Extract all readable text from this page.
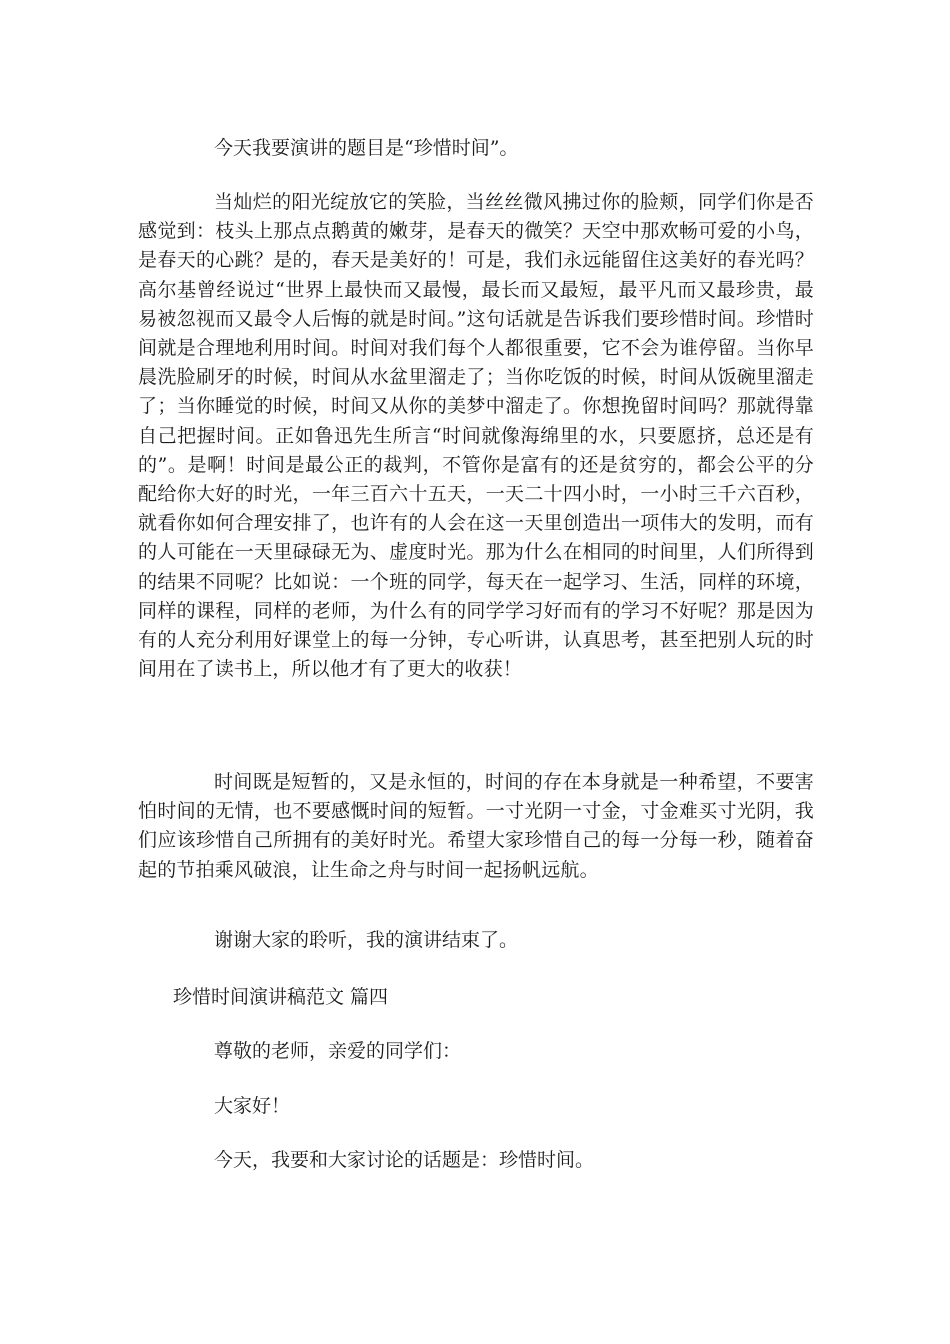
今天我要演讲的题目是“珍惜时间”。

当灿烂的阳光绽放它的笑脸，当丝丝微风拂过你的脸颊，同学们你是否感觉到：枝头上那点点鹅黄的嫩芽，是春天的微笑？天空中那欢畅可爱的小鸟，是春天的心跳？是的，春天是美好的！可是，我们永远能留住这美好的春光吗？高尔基曾经说过“世界上最快而又最慢，最长而又最短，最平凡而又最珍贵，最易被忽视而又最令人后悔的就是时间。”这句话就是告诉我们要珍惜时间。珍惜时间就是合理地利用时间。时间对我们每个人都很重要，它不会为谁停留。当你早晨洗脸刷牙的时候，时间从水盆里溜走了；当你吃饭的时候，时间从饭碗里溜走了；当你睡觉的时候，时间又从你的美梦中溜走了。你想挽留时间吗？那就得靠自己把握时间。正如鲁迅先生所言“时间就像海绵里的水，只要愿挤，总还是有的”。是啊！时间是最公正的裁判，不管你是富有的还是贫穷的，都会公平的分配给你大好的时光，一年三百六十五天，一天二十四小时，一小时三千六百秒，就看你如何合理安排了，也许有的人会在这一天里创造出一项伟大的发明，而有的人可能在一天里碌碌无为、虚度时光。那为什么在相同的时间里，人们所得到的结果不同呢？比如说：一个班的同学，每天在一起学习、生活，同样的环境，同样的课程，同样的老师，为什么有的同学学习好而有的学习不好呢？那是因为有的人充分利用好课堂上的每一分钟，专心听讲，认真思考，甚至把别人玩的时间用在了读书上，所以他才有了更大的收获！

时间既是短暂的，又是永恒的，时间的存在本身就是一种希望，不要害怕时间的无情，也不要感慨时间的短暂。一寸光阴一寸金，寸金难买寸光阴，我们应该珍惜自己所拥有的美好时光。希望大家珍惜自己的每一分每一秒，随着奋起的节拍乘风破浪，让生命之舟与时间一起扬帆远航。

谢谢大家的聆听，我的演讲结束了。

珍惜时间演讲稿范文 篇四

尊敬的老师，亲爱的同学们：

大家好！

今天，我要和大家讨论的话题是：珍惜时间。
